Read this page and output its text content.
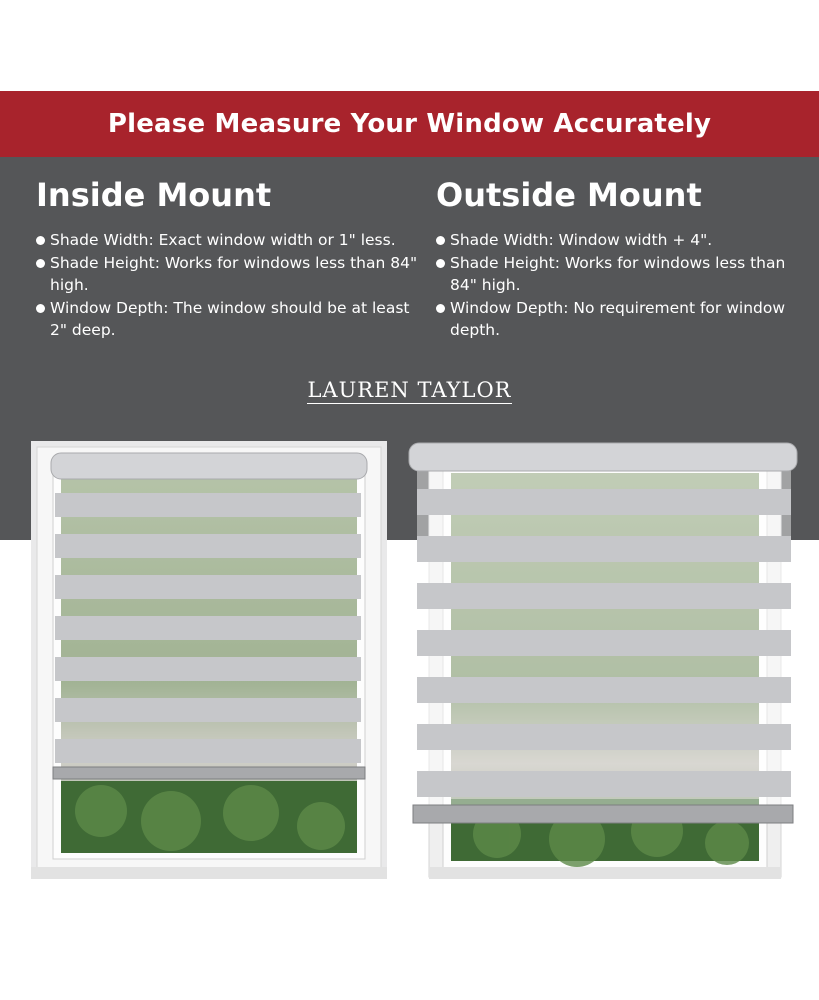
Please Measure Your Window Accurately
Inside Mount
Shade Width: Exact window width or 1" less.
Shade Height: Works for windows less than 84" high.
Window Depth: The window should be at least 2" deep.
Outside Mount
Shade Width: Window width + 4".
Shade Height: Works for windows less than 84" high.
Window Depth: No requirement for window depth.
LAUREN TAYLOR
